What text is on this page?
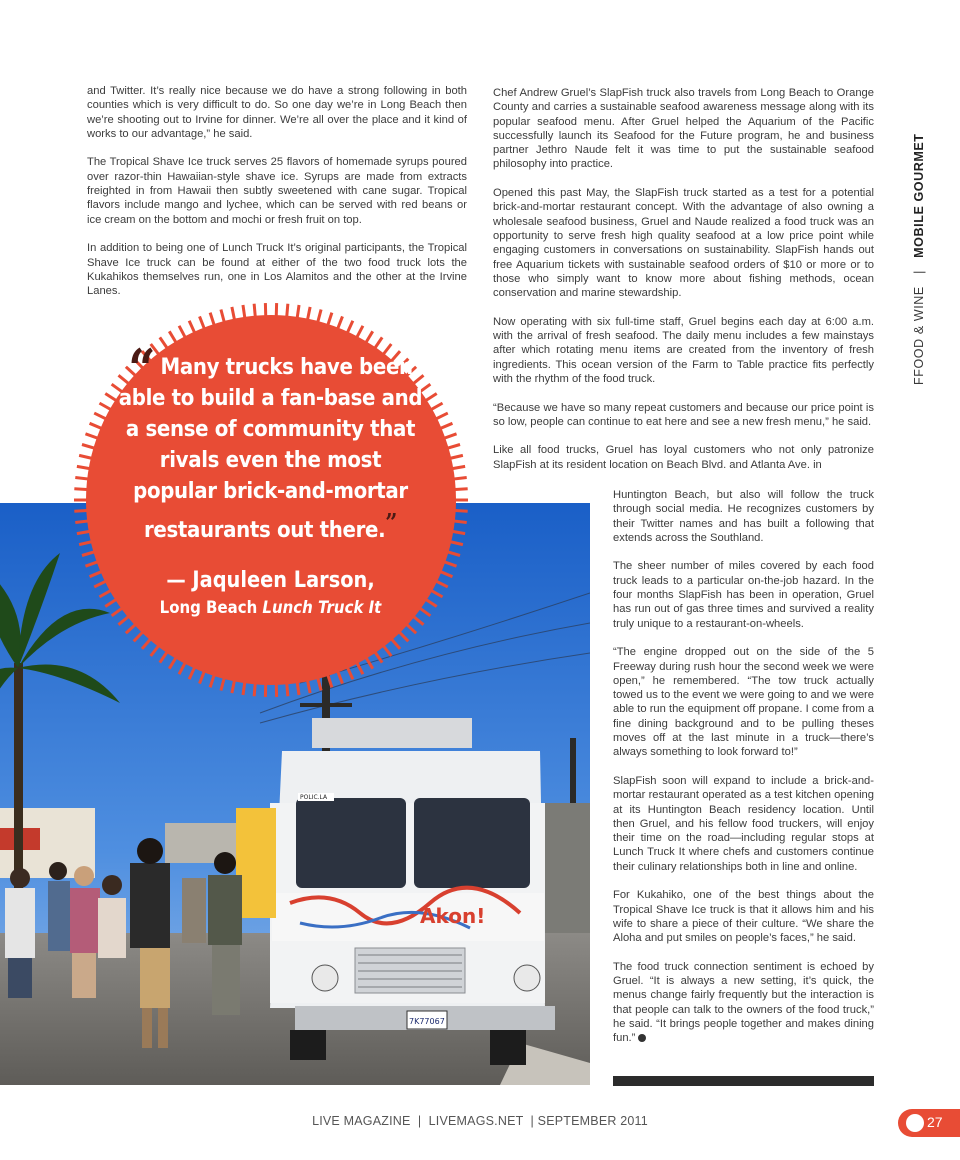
and Twitter. It’s really nice because we do have a strong following in both counties which is very difficult to do. So one day we’re in Long Beach then we’re shooting out to Irvine for dinner. We’re all over the place and it kind of works to our advantage,” he said.

The Tropical Shave Ice truck serves 25 flavors of homemade syrups poured over razor-thin Hawaiian-style shave ice. Syrups are made from extracts freighted in from Hawaii then subtly sweetened with cane sugar. Tropical flavors include mango and lychee, which can be served with red beans or ice cream on the bottom and mochi or fresh fruit on top.

In addition to being one of Lunch Truck It’s original participants, the Tropical Shave Ice truck can be found at either of the two food truck lots the Kukahikos themselves run, one in Los Alamitos and the other at the Irvine Lanes.

Chef Andrew Gruel’s SlapFish truck also travels from Long Beach to Orange County and carries a sustainable seafood awareness message along with its popular seafood menu. After Gruel helped the Aquarium of the Pacific successfully launch its Seafood for the Future program, he and business partner Jethro Naude felt it was time to put the sustainable seafood philosophy into practice.

Opened this past May, the SlapFish truck started as a test for a potential brick-and-mortar restaurant concept. With the advantage of also owning a wholesale seafood business, Gruel and Naude realized a food truck was an opportunity to serve fresh high quality seafood at a low price point while engaging customers in conversations on sustainability. SlapFish hands out free Aquarium tickets with sustainable seafood orders of $10 or more or to those who simply want to know more about fishing methods, ocean conservation and marine stewardship.

Now operating with six full-time staff, Gruel begins each day at 6:00 a.m. with the arrival of fresh seafood. The daily menu includes a few mainstays after which rotating menu items are created from the inventory of fresh ingredients. This ocean version of the Farm to Table practice fits perfectly with the rhythm of the food truck.

“Because we have so many repeat customers and because our price point is so low, people can continue to eat here and see a new fresh menu,” he said.

Like all food trucks, Gruel has loyal customers who not only patronize SlapFish at its resident location on Beach Blvd. and Atlanta Ave. in

POLIC.LA
Akon!
7K77067
“ Many trucks have been able to build a fan-base and a sense of community that rivals even the most popular brick-and-mortar restaurants out there.”
— Jaquleen Larson,
Long Beach Lunch Truck It

Huntington Beach, but also will follow the truck through social media. He recognizes customers by their Twitter names and has built a following that extends across the Southland.

The sheer number of miles covered by each food truck leads to a particular on-the-job hazard. In the four months SlapFish has been in operation, Gruel has run out of gas three times and survived a reality truly unique to a restaurant-on-wheels.

“The engine dropped out on the side of the 5 Freeway during rush hour the second week we were open,” he remembered. “The tow truck actually towed us to the event we were going to and we were able to run the equipment off propane. I come from a fine dining background and to be pulling theses moves off at the last minute in a truck—there’s always something to look forward to!”

SlapFish soon will expand to include a brick-and-mortar restaurant operated as a test kitchen opening at its Huntington Beach residency location. Until then Gruel, and his fellow food truckers, will enjoy their time on the road—including regular stops at Lunch Truck It where chefs and customers continue their culinary relationships both in line and online.

For Kukahiko, one of the best things about the Tropical Shave Ice truck is that it allows him and his wife to share a piece of their culture. “We share the Aloha and put smiles on people’s faces,” he said.

The food truck connection sentiment is echoed by Gruel. “It is always a new setting, it’s quick, the menus change fairly frequently but the interaction is that people can talk to the owners of the food truck,” he said. “It brings people together and makes dining fun.”

FFOOD & WINE   |   MOBILE GOURMET
LIVE MAGAZINE  |  LIVEMAGS.NET  | SEPTEMBER 2011	27
